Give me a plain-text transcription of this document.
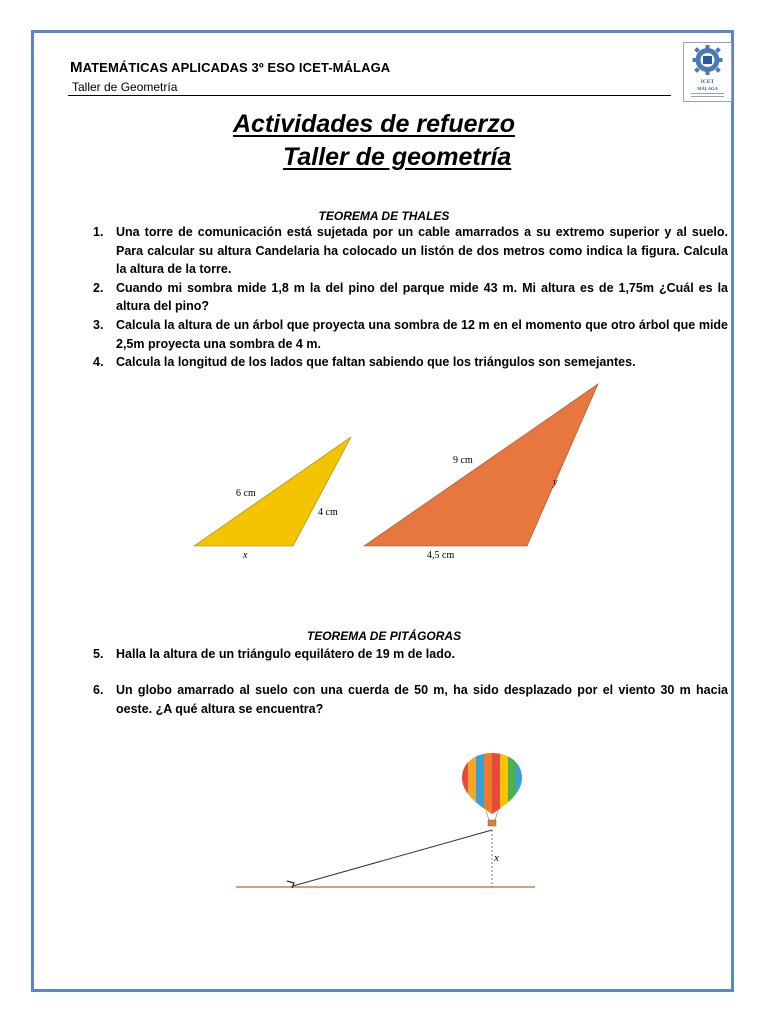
MATEMÁTICAS APLICADAS 3º ESO ICET-MÁLAGA
Taller de Geometría	ICET
MÁLAGA
Actividades de refuerzo
Taller de geometría
TEOREMA DE THALES
1. Una torre de comunicación está sujetada por un cable amarrados a su extremo superior y al suelo. Para calcular su altura Candelaria ha colocado un listón de dos metros como indica la figura. Calcula la altura de la torre.
2. Cuando mi sombra mide 1,8 m la del pino del parque mide 43 m. Mi altura es de 1,75m ¿Cuál es la altura del pino?
3. Calcula la altura de un árbol que proyecta una sombra de 12 m en el momento que otro árbol que mide 2,5m proyecta una sombra de 4 m.
4. Calcula la longitud de los lados que faltan sabiendo que los triángulos son semejantes.
6 cm
4 cm
x
9 cm
y
4,5 cm
TEOREMA DE PITÁGORAS
5. Halla la altura de un triángulo equilátero de 19 m de lado.
6. Un globo amarrado al suelo con una cuerda de 50 m, ha sido desplazado por el viento 30 m hacia oeste. ¿A qué altura se encuentra?
x
